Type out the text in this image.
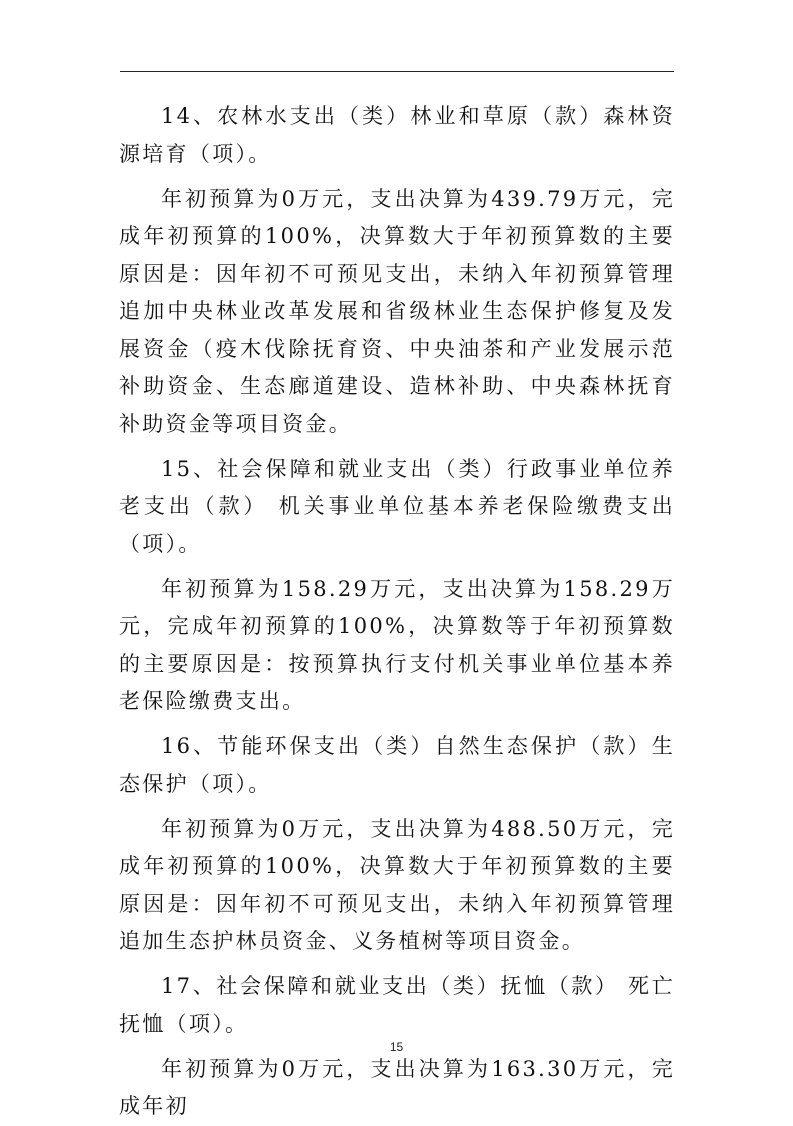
14、农林水支出（类）林业和草原（款）森林资源培育（项）。

年初预算为0万元，支出决算为439.79万元，完成年初预算的100%，决算数大于年初预算数的主要原因是：因年初不可预见支出，未纳入年初预算管理追加中央林业改革发展和省级林业生态保护修复及发展资金（疫木伐除抚育资、中央油茶和产业发展示范补助资金、生态廊道建设、造林补助、中央森林抚育补助资金等项目资金。

15、社会保障和就业支出（类）行政事业单位养老支出（款） 机关事业单位基本养老保险缴费支出（项）。

年初预算为158.29万元，支出决算为158.29万元，完成年初预算的100%，决算数等于年初预算数的主要原因是：按预算执行支付机关事业单位基本养老保险缴费支出。

16、节能环保支出（类）自然生态保护（款）生态保护（项）。

年初预算为0万元，支出决算为488.50万元，完成年初预算的100%，决算数大于年初预算数的主要原因是：因年初不可预见支出，未纳入年初预算管理追加生态护林员资金、义务植树等项目资金。

17、社会保障和就业支出（类）抚恤（款） 死亡抚恤（项）。

年初预算为0万元，支出决算为163.30万元，完成年初

15
